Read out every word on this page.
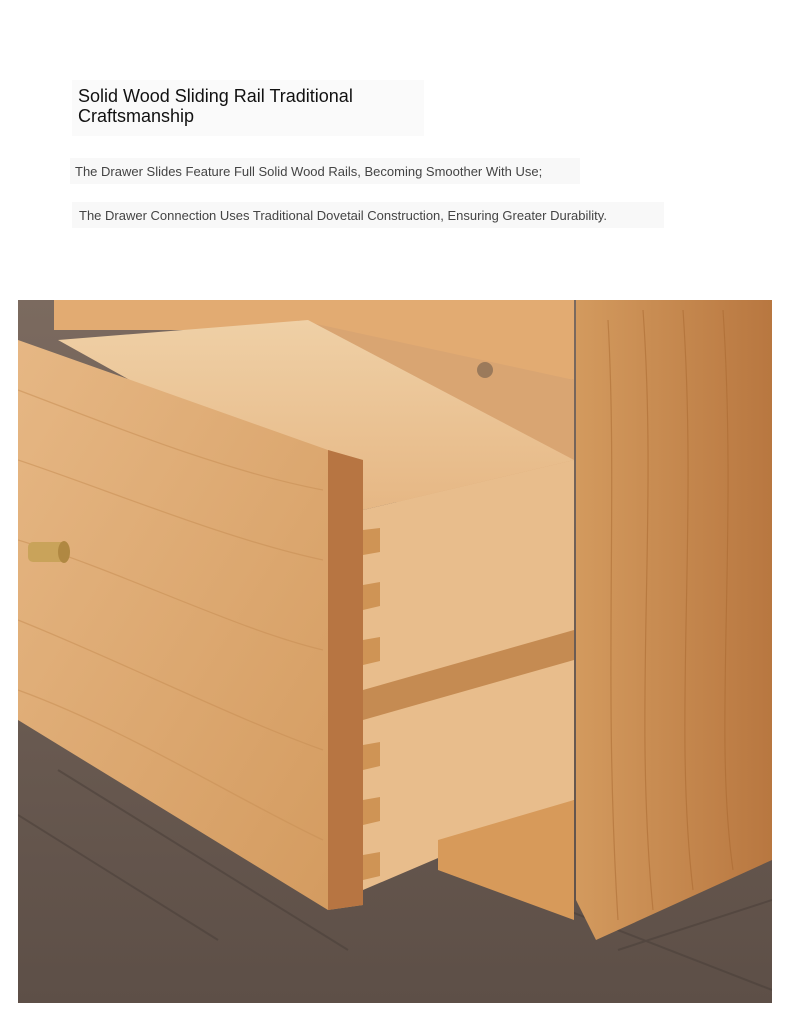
Solid Wood Sliding Rail Traditional Craftsmanship

The Drawer Slides Feature Full Solid Wood Rails, Becoming Smoother With Use;

The Drawer Connection Uses Traditional Dovetail Construction, Ensuring Greater Durability.
